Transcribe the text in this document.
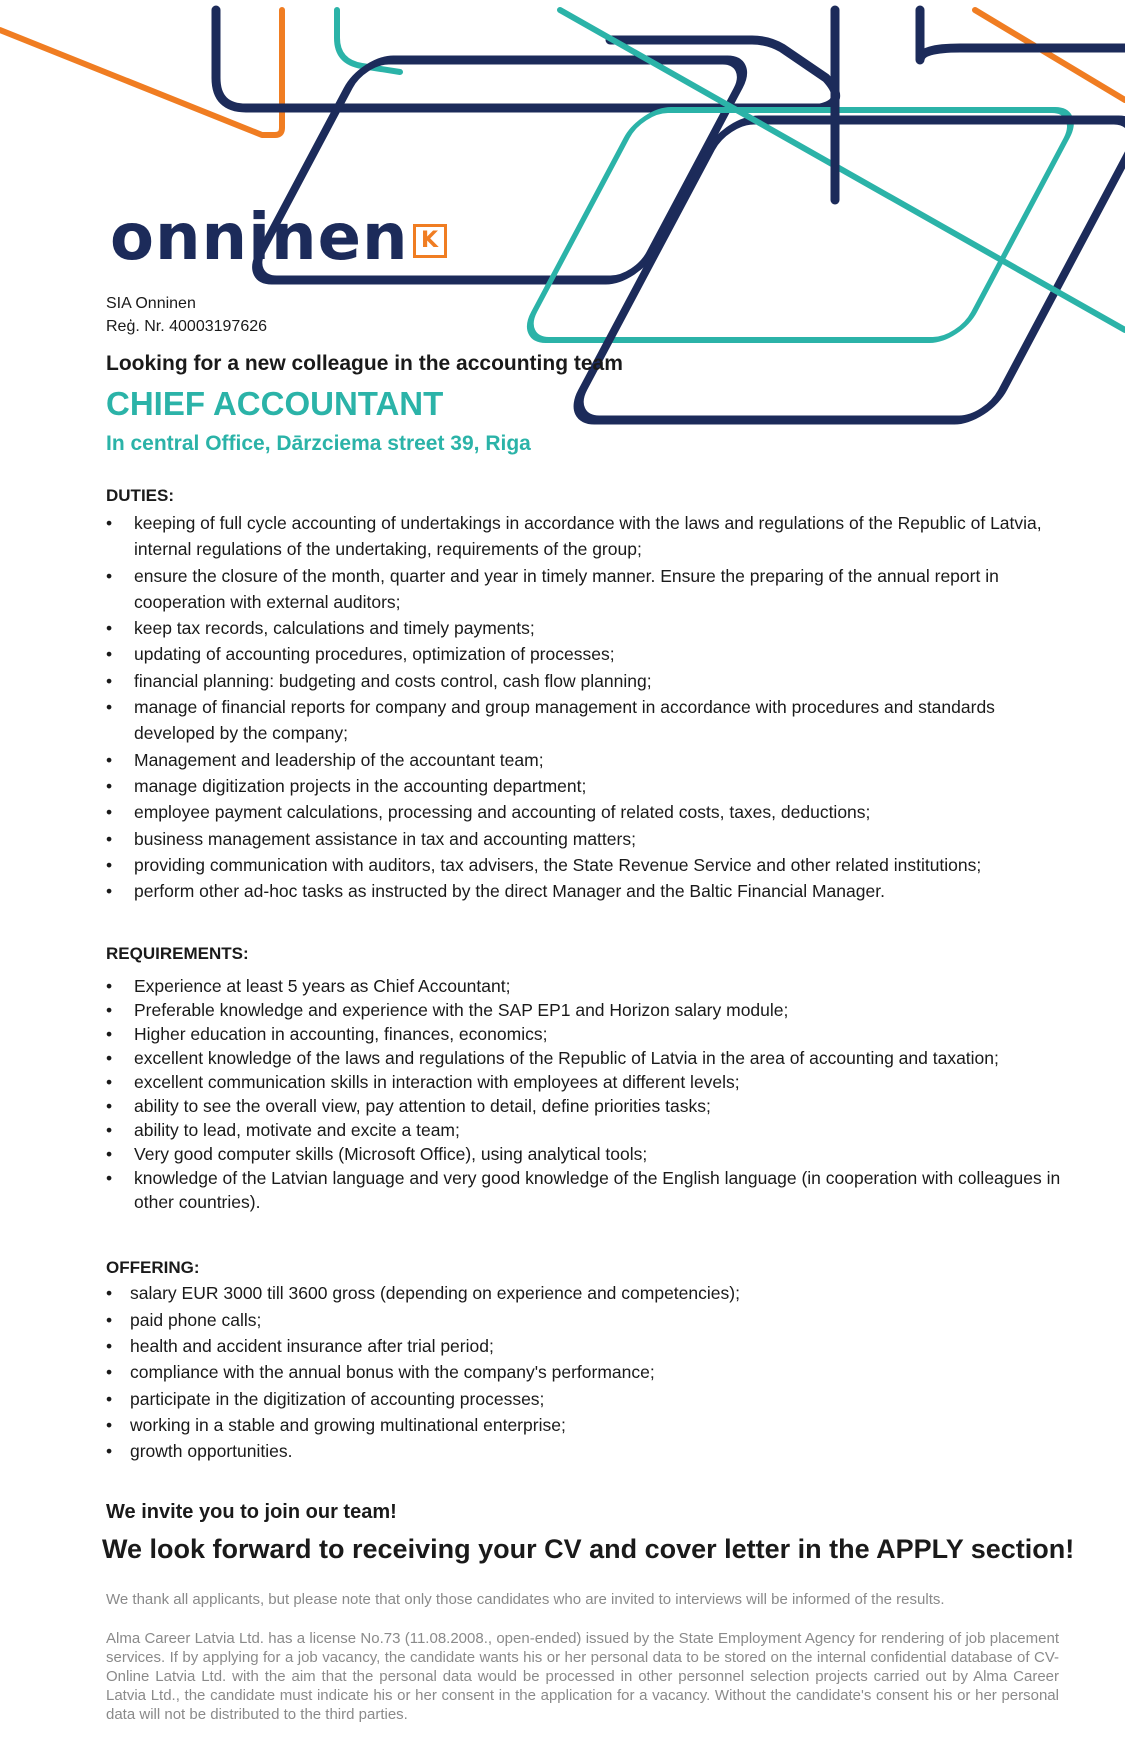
onninen K
SIA Onninen
Reģ. Nr. 40003197626
Looking for a new colleague in the accounting team
CHIEF ACCOUNTANT
In central Office, Dārzciema street 39, Riga
DUTIES:
• keeping of full cycle accounting of undertakings in accordance with the laws and regulations of the Republic of Latvia, internal regulations of the undertaking, requirements of the group;
• ensure the closure of the month, quarter and year in timely manner. Ensure the preparing of the annual report in cooperation with external auditors;
• keep tax records, calculations and timely payments;
• updating of accounting procedures, optimization of processes;
• financial planning: budgeting and costs control, cash flow planning;
• manage of financial reports for company and group management in accordance with procedures and standards developed by the company;
• Management and leadership of the accountant team;
• manage digitization projects in the accounting department;
• employee payment calculations, processing and accounting of related costs, taxes, deductions;
• business management assistance in tax and accounting matters;
• providing communication with auditors, tax advisers, the State Revenue Service and other related institutions;
• perform other ad-hoc tasks as instructed by the direct Manager and the Baltic Financial Manager.
REQUIREMENTS:
• Experience at least 5 years as Chief Accountant;
• Preferable knowledge and experience with the SAP EP1 and Horizon salary module;
• Higher education in accounting, finances, economics;
• excellent knowledge of the laws and regulations of the Republic of Latvia in the area of accounting and taxation;
• excellent communication skills in interaction with employees at different levels;
• ability to see the overall view, pay attention to detail, define priorities tasks;
• ability to lead, motivate and excite a team;
• Very good computer skills (Microsoft Office), using analytical tools;
• knowledge of the Latvian language and very good knowledge of the English language (in cooperation with colleagues in other countries).
OFFERING:
• salary EUR 3000 till 3600 gross (depending on experience and competencies);
• paid phone calls;
• health and accident insurance after trial period;
• compliance with the annual bonus with the company's performance;
• participate in the digitization of accounting processes;
• working in a stable and growing multinational enterprise;
• growth opportunities.
We invite you to join our team!
We look forward to receiving your CV and cover letter in the APPLY section!
We thank all applicants, but please note that only those candidates who are invited to interviews will be informed of the results.
Alma Career Latvia Ltd. has a license No.73 (11.08.2008., open-ended) issued by the State Employment Agency for rendering of job placement services. If by applying for a job vacancy, the candidate wants his or her personal data to be stored on the internal confidential database of CV-Online Latvia Ltd. with the aim that the personal data would be processed in other personnel selection projects carried out by Alma Career Latvia Ltd., the candidate must indicate his or her consent in the application for a vacancy. Without the candidate's consent his or her personal data will not be distributed to the third parties.
